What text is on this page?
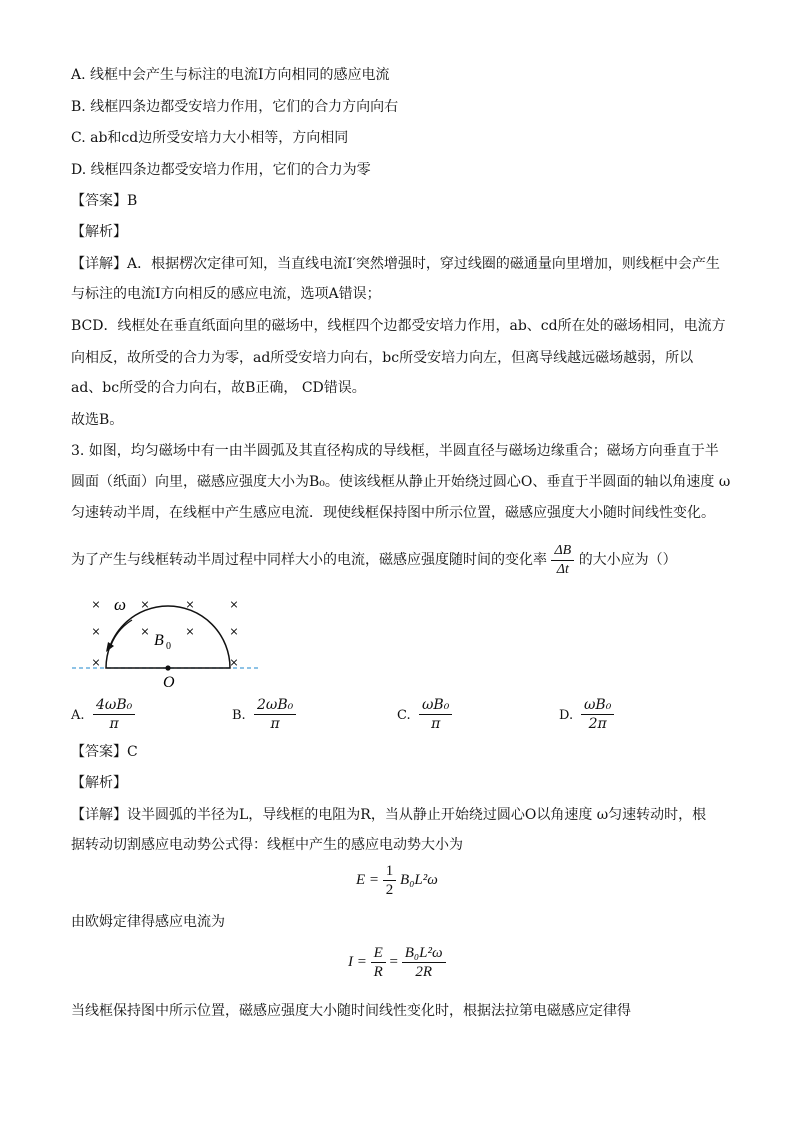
A. 线框中会产生与标注的电流I方向相同的感应电流
B. 线框四条边都受安培力作用，它们的合力方向向右
C. ab和cd边所受安培力大小相等，方向相同
D. 线框四条边都受安培力作用，它们的合力为零
【答案】B
【解析】
【详解】A．根据楞次定律可知，当直线电流I′突然增强时，穿过线圈的磁通量向里增加，则线框中会产生
与标注的电流I方向相反的感应电流，选项A错误；
BCD．线框处在垂直纸面向里的磁场中，线框四个边都受安培力作用，ab、cd所在处的磁场相同，电流方
向相反，故所受的合力为零，ad所受安培力向右，bc所受安培力向左，但离导线越远磁场越弱，所以
ad、bc所受的合力向右，故B正确， CD错误。
故选B。
3. 如图，均匀磁场中有一由半圆弧及其直径构成的导线框，半圆直径与磁场边缘重合；磁场方向垂直于半
圆面（纸面）向里，磁感应强度大小为B₀。使该线框从静止开始绕过圆心O、垂直于半圆面的轴以角速度 ω
匀速转动半周，在线框中产生感应电流．现使线框保持图中所示位置，磁感应强度大小随时间线性变化。
为了产生与线框转动半周过程中同样大小的电流，磁感应强度随时间的变化率 $\frac{\Delta B}{\Delta t}$ 的大小应为（）
×	×	×	×
×	×	×	×
×	×
ω
B 0
O
A. $\frac{\text{4ωB₀}}{\pi}$	B. $\frac{\text{2ωB₀}}{\pi}$	C. $\frac{\text{ωB₀}}{\pi}$	D. $\frac{\text{ωB₀}}{2\pi}$
【答案】C
【解析】
【详解】设半圆弧的半径为L，导线框的电阻为R，当从静止开始绕过圆心O以角速度 ω匀速转动时，根
据转动切割感应电动势公式得：线框中产生的感应电动势大小为
$E = \frac{1}{2} B_0L^2\omega$
由欧姆定律得感应电流为
$I = \frac{E}{R} = \frac{\text{B₀L²ω}}{2R}$
当线框保持图中所示位置，磁感应强度大小随时间线性变化时，根据法拉第电磁感应定律得
